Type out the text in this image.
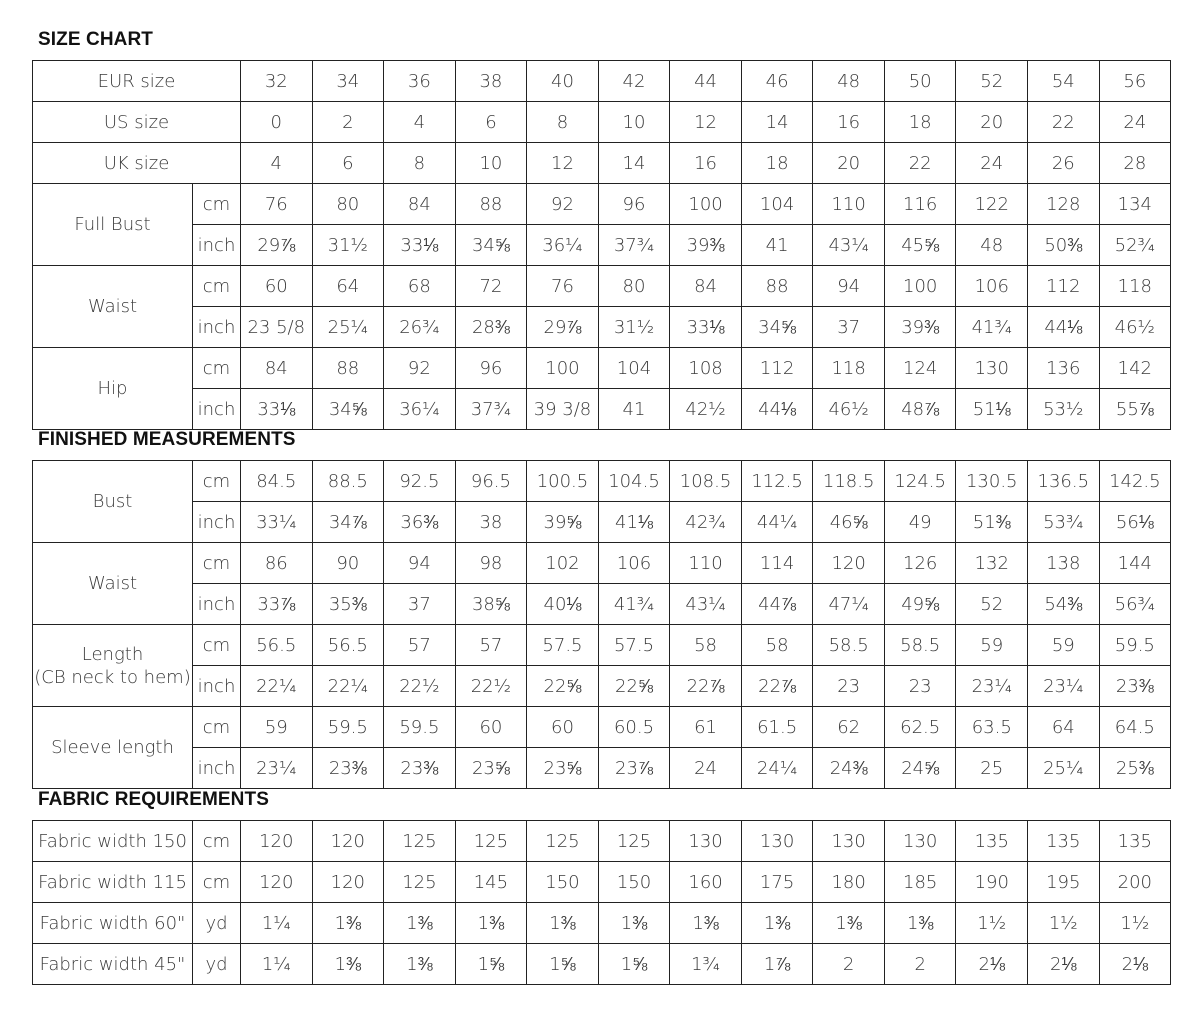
SIZE CHART
EUR size		32	34	36	38	40	42	44	46	48	50	52	54	56
US size		0	2	4	6	8	10	12	14	16	18	20	22	24
UK size		4	6	8	10	12	14	16	18	20	22	24	26	28
Full Bust	cm	76	80	84	88	92	96	100	104	110	116	122	128	134
	inch	29⅞	31½	33⅛	34⅝	36¼	37¾	39⅜	41	43¼	45⅝	48	50⅜	52¾
Waist	cm	60	64	68	72	76	80	84	88	94	100	106	112	118
	inch	23 5/8	25¼	26¾	28⅜	29⅞	31½	33⅛	34⅝	37	39⅜	41¾	44⅛	46½
Hip	cm	84	88	92	96	100	104	108	112	118	124	130	136	142
	inch	33⅛	34⅝	36¼	37¾	39 3/8	41	42½	44⅛	46½	48⅞	51⅛	53½	55⅞
FINISHED MEASUREMENTS
Bust	cm	84.5	88.5	92.5	96.5	100.5	104.5	108.5	112.5	118.5	124.5	130.5	136.5	142.5
	inch	33¼	34⅞	36⅜	38	39⅝	41⅛	42¾	44¼	46⅝	49	51⅜	53¾	56⅛
Waist	cm	86	90	94	98	102	106	110	114	120	126	132	138	144
	inch	33⅞	35⅜	37	38⅝	40⅛	41¾	43¼	44⅞	47¼	49⅝	52	54⅜	56¾

Length
(CB neck to hem)	cm	56.5	56.5	57	57	57.5	57.5	58	58	58.5	58.5	59	59	59.5
	inch	22¼	22¼	22½	22½	22⅝	22⅝	22⅞	22⅞	23	23	23¼	23¼	23⅜
Sleeve length	cm	59	59.5	59.5	60	60	60.5	61	61.5	62	62.5	63.5	64	64.5
	inch	23¼	23⅜	23⅜	23⅝	23⅝	23⅞	24	24¼	24⅜	24⅝	25	25¼	25⅜
FABRIC REQUIREMENTS
Fabric width 150	cm	120	120	125	125	125	125	130	130	130	130	135	135	135
Fabric width 115	cm	120	120	125	145	150	150	160	175	180	185	190	195	200
Fabric width 60"	yd	1¼	1⅜	1⅜	1⅜	1⅜	1⅜	1⅜	1⅜	1⅜	1⅜	1½	1½	1½
Fabric width 45"	yd	1¼	1⅜	1⅜	1⅝	1⅝	1⅝	1¾	1⅞	2	2	2⅛	2⅛	2⅛
